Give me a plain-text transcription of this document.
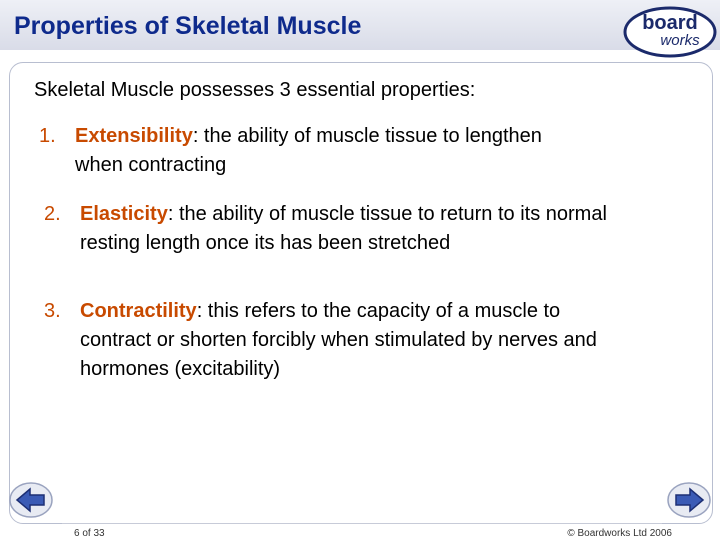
Properties of Skeletal Muscle	board
works
Skeletal Muscle possesses 3 essential properties:
1. Extensibility: the ability of muscle tissue to lengthen when contracting
2. Elasticity: the ability of muscle tissue to return to its normal resting length once its has been stretched
3. Contractility: this refers to the capacity of a muscle to contract or shorten forcibly when stimulated by nerves and hormones (excitability)
6 of 33	© Boardworks Ltd 2006
